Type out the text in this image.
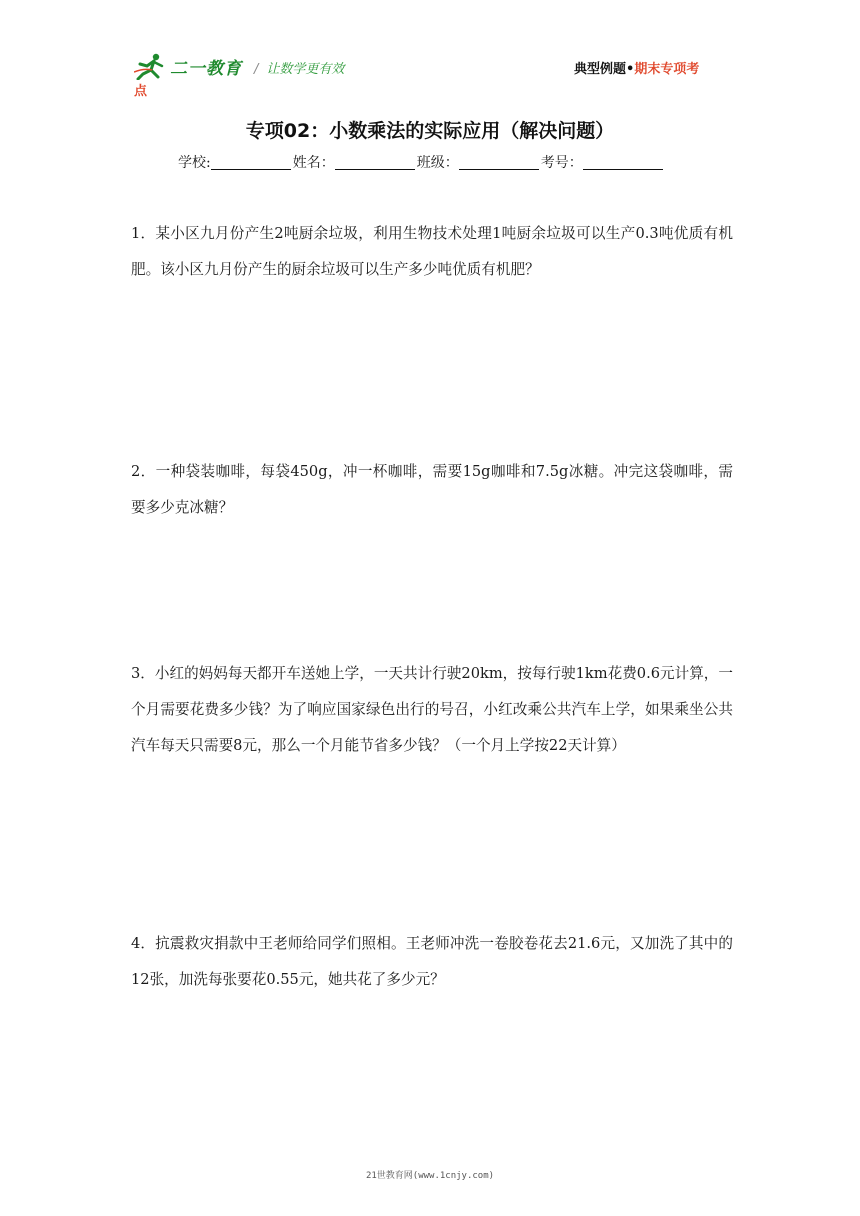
二一教育 / 让数学更有效	典型例题•期末专项考
点
专项02：小数乘法的实际应用（解决问题）
学校:	姓名：	班级：	考号：
1．某小区九月份产生2吨厨余垃圾，利用生物技术处理1吨厨余垃圾可以生产0.3吨优质有机肥。该小区九月份产生的厨余垃圾可以生产多少吨优质有机肥？
2．一种袋装咖啡，每袋450g，冲一杯咖啡，需要15g咖啡和7.5g冰糖。冲完这袋咖啡，需要多少克冰糖？
3．小红的妈妈每天都开车送她上学，一天共计行驶20km，按每行驶1km花费0.6元计算，一个月需要花费多少钱？为了响应国家绿色出行的号召，小红改乘公共汽车上学，如果乘坐公共汽车每天只需要8元，那么一个月能节省多少钱？（一个月上学按22天计算）
4．抗震救灾捐款中王老师给同学们照相。王老师冲洗一卷胶卷花去21.6元，又加洗了其中的12张，加洗每张要花0.55元，她共花了多少元？
21世教育网(www.1cnjy.com)
